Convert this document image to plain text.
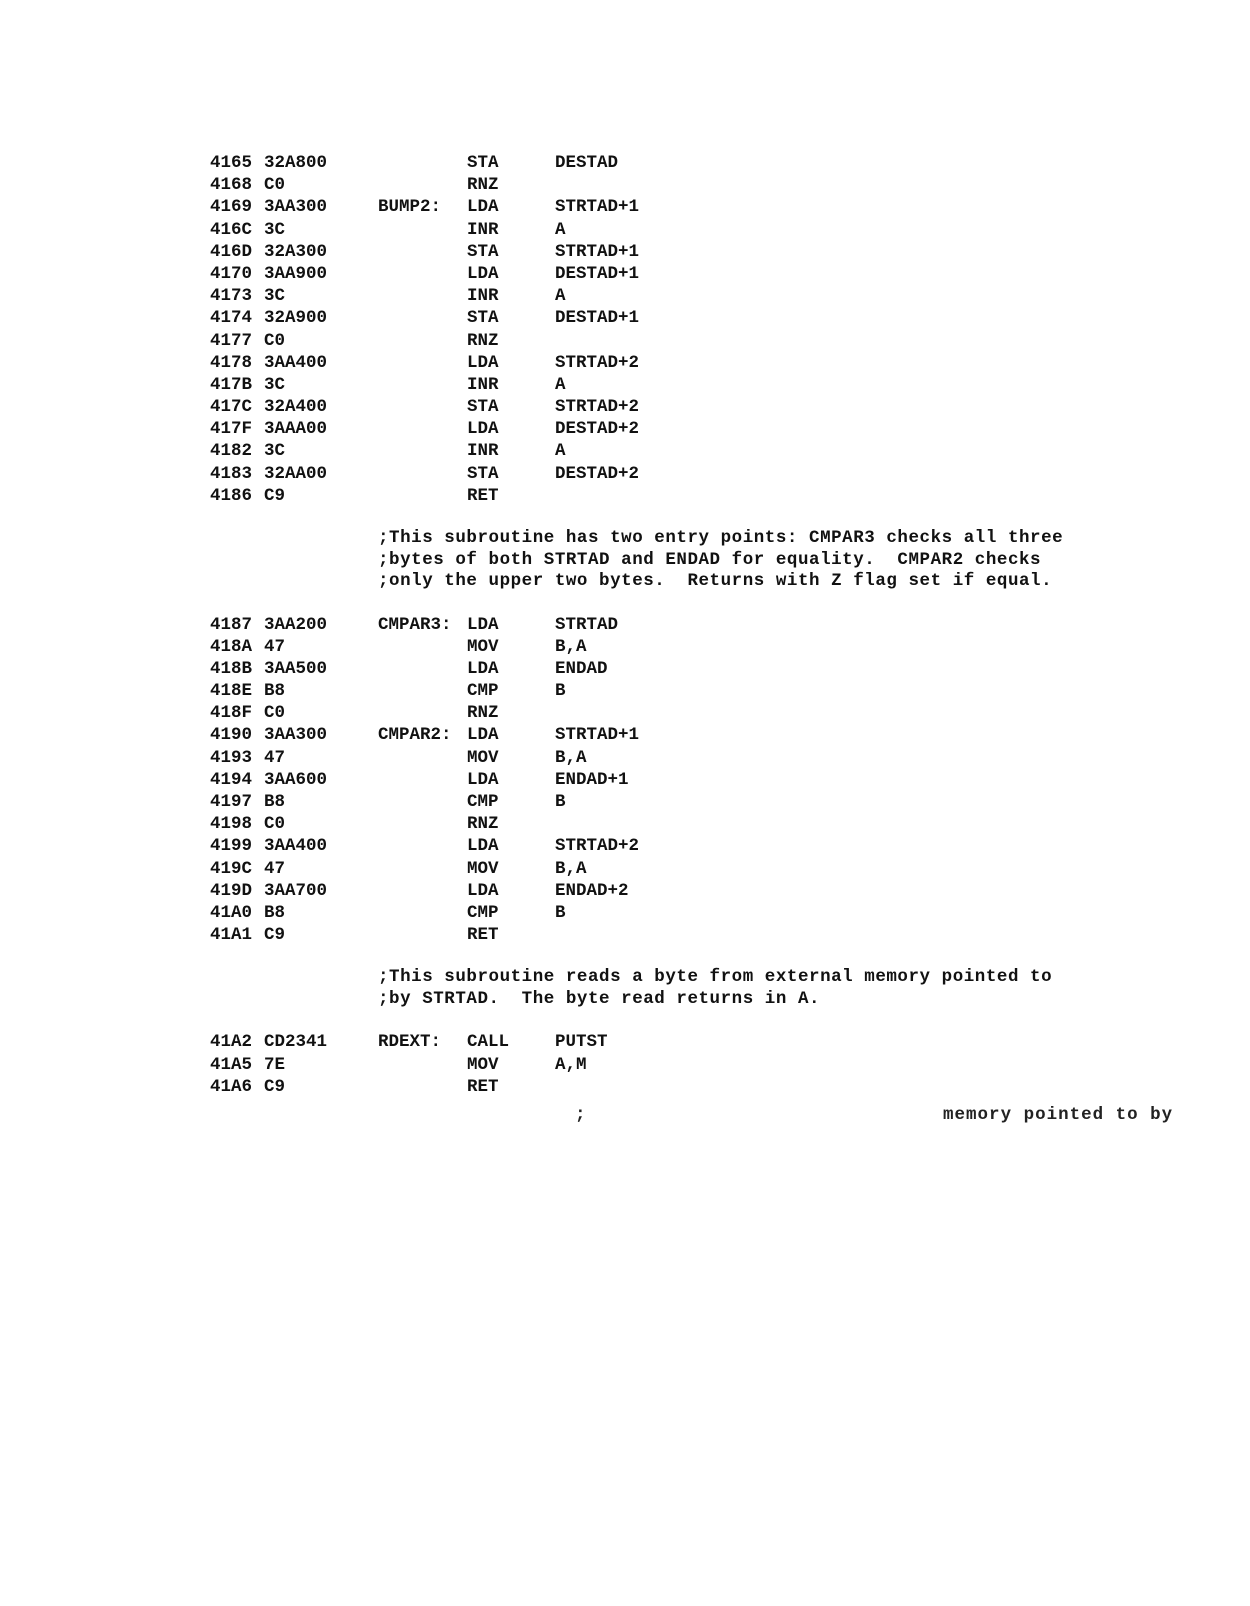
4165 32A800	STA	DESTAD
4168 C0	RNZ
4169 3AA300	BUMP2: LDA	STRTAD+1
416C 3C	INR	A
416D 32A300	STA	STRTAD+1
4170 3AA900	LDA	DESTAD+1
4173 3C	INR	A
4174 32A900	STA	DESTAD+1
4177 C0	RNZ
4178 3AA400	LDA	STRTAD+2
417B 3C	INR	A
417C 32A400	STA	STRTAD+2
417F 3AAA00	LDA	DESTAD+2
4182 3C	INR	A
4183 32AA00	STA	DESTAD+2
4186 C9	RET
;This subroutine has two entry points: CMPAR3 checks all three
;bytes of both STRTAD and ENDAD for equality.  CMPAR2 checks
;only the upper two bytes.  Returns with Z flag set if equal.
4187 3AA200	CMPAR3: LDA	STRTAD
418A 47	MOV	B,A
418B 3AA500	LDA	ENDAD
418E B8	CMP	B
418F C0	RNZ
4190 3AA300	CMPAR2: LDA	STRTAD+1
4193 47	MOV	B,A
4194 3AA600	LDA	ENDAD+1
4197 B8	CMP	B
4198 C0	RNZ
4199 3AA400	LDA	STRTAD+2
419C 47	MOV	B,A
419D 3AA700	LDA	ENDAD+2
41A0 B8	CMP	B
41A1 C9	RET
;This subroutine reads a byte from external memory pointed to
;by STRTAD.  The byte read returns in A.
41A2 CD2341	RDEXT: CALL	PUTST
41A5 7E	MOV	A,M
41A6 C9	RET
;                               memory pointed to by
